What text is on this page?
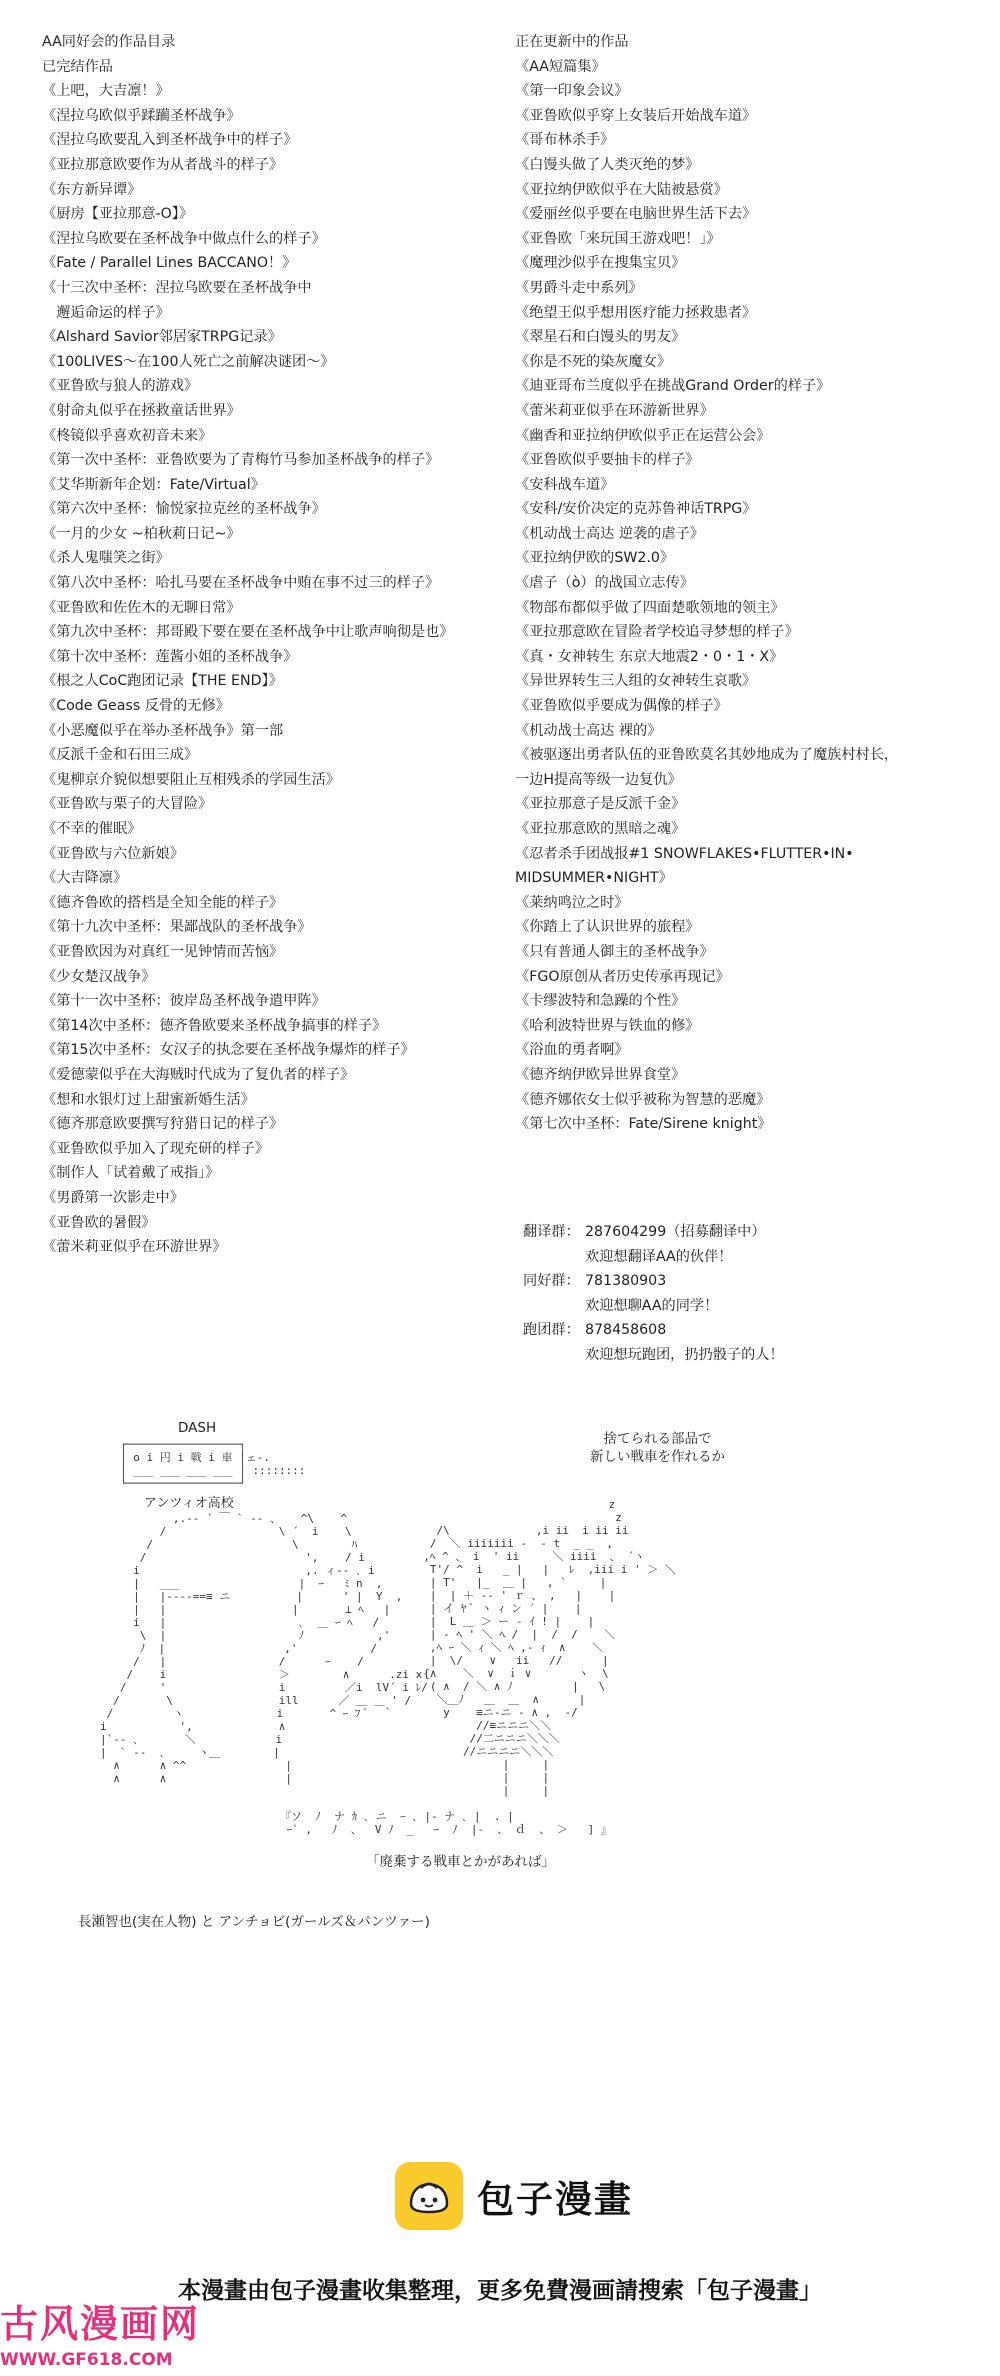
AA同好会的作品目录
已完结作品
《上吧，大吉凛！》
《涅拉乌欧似乎蹂躏圣杯战争》
《涅拉乌欧要乱入到圣杯战争中的样子》
《亚拉那意欧要作为从者战斗的样子》
《东方新异谭》
《厨房【亚拉那意-O】》
《涅拉乌欧要在圣杯战争中做点什么的样子》
《Fate / Parallel Lines BACCANO！》
《十三次中圣杯：涅拉乌欧要在圣杯战争中
　邂逅命运的样子》
《Alshard Savior邻居家TRPG记录》
《100LIVES～在100人死亡之前解决谜团～》
《亚鲁欧与狼人的游戏》
《射命丸似乎在拯救童话世界》
《柊镜似乎喜欢初音未来》
《第一次中圣杯：亚鲁欧要为了青梅竹马参加圣杯战争的样子》
《艾华斯新年企划：Fate/Virtual》
《第六次中圣杯：愉悦家拉克丝的圣杯战争》
《一月的少女 ~柏秋莉日记~》
《杀人鬼嗤笑之街》
《第八次中圣杯：哈扎马要在圣杯战争中贿在事不过三的样子》
《亚鲁欧和佐佐木的无聊日常》
《第九次中圣杯：邦哥殿下要在要在圣杯战争中让歌声响彻是也》
《第十次中圣杯：莲酱小姐的圣杯战争》
《根之人CoC跑团记录【THE END】》
《Code Geass 反骨的无修》
《小恶魔似乎在举办圣杯战争》第一部
《反派千金和石田三成》
《鬼柳京介貌似想要阻止互相残杀的学园生活》
《亚鲁欧与栗子的大冒险》
《不幸的催眠》
《亚鲁欧与六位新娘》
《大吉降凛》
《德齐鲁欧的搭档是全知全能的样子》
《第十九次中圣杯：果鄙战队的圣杯战争》
《亚鲁欧因为对真红一见钟情而苦恼》
《少女楚汉战争》
《第十一次中圣杯：彼岸岛圣杯战争遣甲阵》
《第14次中圣杯：德齐鲁欧要来圣杯战争搞事的样子》
《第15次中圣杯：女汉子的执念要在圣杯战争爆炸的样子》
《爱德蒙似乎在大海贼时代成为了复仇者的样子》
《想和水银灯过上甜蜜新婚生活》
《德齐那意欧要撰写狩猎日记的样子》
《亚鲁欧似乎加入了现充研的样子》
《制作人「试着戴了戒指」》
《男爵第一次影走中》
《亚鲁欧的暑假》
《蕾米莉亚似乎在环游世界》
正在更新中的作品
《AA短篇集》
《第一印象会议》
《亚鲁欧似乎穿上女装后开始战车道》
《哥布林杀手》
《白馒头做了人类灭绝的梦》
《亚拉纳伊欧似乎在大陆被悬赏》
《爱丽丝似乎要在电脑世界生活下去》
《亚鲁欧「来玩国王游戏吧！」》
《魔理沙似乎在搜集宝贝》
《男爵斗走中系列》
《绝望王似乎想用医疗能力拯救患者》
《翠星石和白馒头的男友》
《你是不死的染灰魔女》
《迪亚哥布兰度似乎在挑战Grand Order的样子》
《蕾米莉亚似乎在环游新世界》
《幽香和亚拉纳伊欧似乎正在运营公会》
《亚鲁欧似乎要抽卡的样子》
《安科战车道》
《安科/安价决定的克苏鲁神话TRPG》
《机动战士高达 逆袭的虐子》
《亚拉纳伊欧的SW2.0》
《虐子（ò）的战国立志传》
《物部布都似乎做了四面楚歌领地的领主》
《亚拉那意欧在冒险者学校追寻梦想的样子》
《真・女神转生 东京大地震2・0・1・X》
《异世界转生三人组的女神转生哀歌》
《亚鲁欧似乎要成为偶像的样子》
《机动战士高达 裸的》
《被驱逐出勇者队伍的亚鲁欧莫名其妙地成为了魔族村村长，
一边H提高等级一边复仇》
《亚拉那意子是反派千金》
《亚拉那意欧的黑暗之魂》
《忍者杀手团战报#1 SNOWFLAKES•FLUTTER•IN•
MIDSUMMER•NIGHT》
《莱纳鸣泣之时》
《你踏上了认识世界的旅程》
《只有普通人御主的圣杯战争》
《FGO原创从者历史传承再现记》
《卡缪波特和急躁的个性》
《哈利波特世界与铁血的修》
《浴血的勇者啊》
《德齐纳伊欧异世界食堂》
《德齐娜依女士似乎被称为智慧的恶魔》
《第七次中圣杯：Fate/Sirene knight》
翻译群： 287604299（招募翻译中）
欢迎想翻译AA的伙伴！
同好群： 781380903
欢迎想聊AA的同学！
跑团群： 878458608
欢迎想玩跑团，扔扔骰子的人！
DASH
┌─────────────────┐
│ o i 円 i 戦 i 車 │ェ-.
│ ___ ___ ___ ___ │ ::::::::
└─────────────────┘
アンツィオ高校
,.-‐ ´ ￣ ` ‐- 、   ^\    ^
/                 \ ´  i    \
/                     \        ﾊ
/                        ',    / i
i                         ,. ィ‐- ､ i
|   ___                  |  ｰ   ﾐ n  ,
|   |----==≡ ニ          |      ' |  Y  ,
|   |                   |       ⊥ ﾍ   |
i   |                    ､  ＿ ｰ ﾍ   /
\  |                    ﾉ           ,'
ﾉ  |                  ,'           /
/   |                 /      ｰ    /
/    i                 ＞        ∧      .zi x
/     '                 i         ／i  lV´ i ﾚ/
/       \                ill      ／ ＿ ＿ ' /
/         ヽ              i       ^ ｰ ﾌ ﾞ  ｀
i           ',             ∧
|`‐- ､       ＼            i
|  ` ‐-  ､     ヽ＿        |
∧      ∧ ^^               |
∧      ∧                  |
捨てられる部品で
新しい戦車を作れるか
z
z
/\             ,i ii  i ii ii
/  ＼ iiiiiii ‐  - t  _ _  ,
,ﾍ ^ 、 i  ' ii     ＼ iiii  、 ´ヽ
T'/ ^  i   _ |   |   ﾚ  ,iii i ' ＞ ＼
| T'   |_  ＿ |   , `     |
|  | ＋ ‐‐ ' ｒ 、 ,   |    |
| イ ﾔ ﾞ ヽ ｨ ン ´ |    |
|  L ＿ ＞ ー ‐ ｲ ! |    |
| ‐ ﾍ ' ＼ ﾍ /  |  /  /    ＼
,ﾍ ｰ ＼ ｨ ＼ ﾍ ,- ｨ  ∧    ＼
|  \/    ∨   ii   //      |
{∧    ＼  ∨  ｉ ∨       ヽ  \
( ∧  / ＼ ∧ ﾉ         |   \
＼＿ﾉ   ＿  ＿  ∧      |
y    ≡ニ‐ニ ‐ ∧ ,  ‐/
//≡ニニニ＼＼
//二ニニニ＼＼＼
//ニニニニ＼＼＼
|     |
|     |
|     |
『ソ  ﾉ  ナ ｶ ､ ニ  ｰ ､ |‐ ナ ､ |  . |
ｰ` ,   ﾉ  、  V ﾉ  _   ｰ  ﾉ  |‐  、 ｄ  、 ＞   ] 』
「廃棄する戦車とかがあれば」
長瀬智也(実在人物) と アンチョビ(ガールズ＆パンツァー)
包子漫畫
本漫畫由包子漫畫收集整理，更多免費漫画請搜索「包子漫畫」
古风漫画网
WWW.GF618.COM
